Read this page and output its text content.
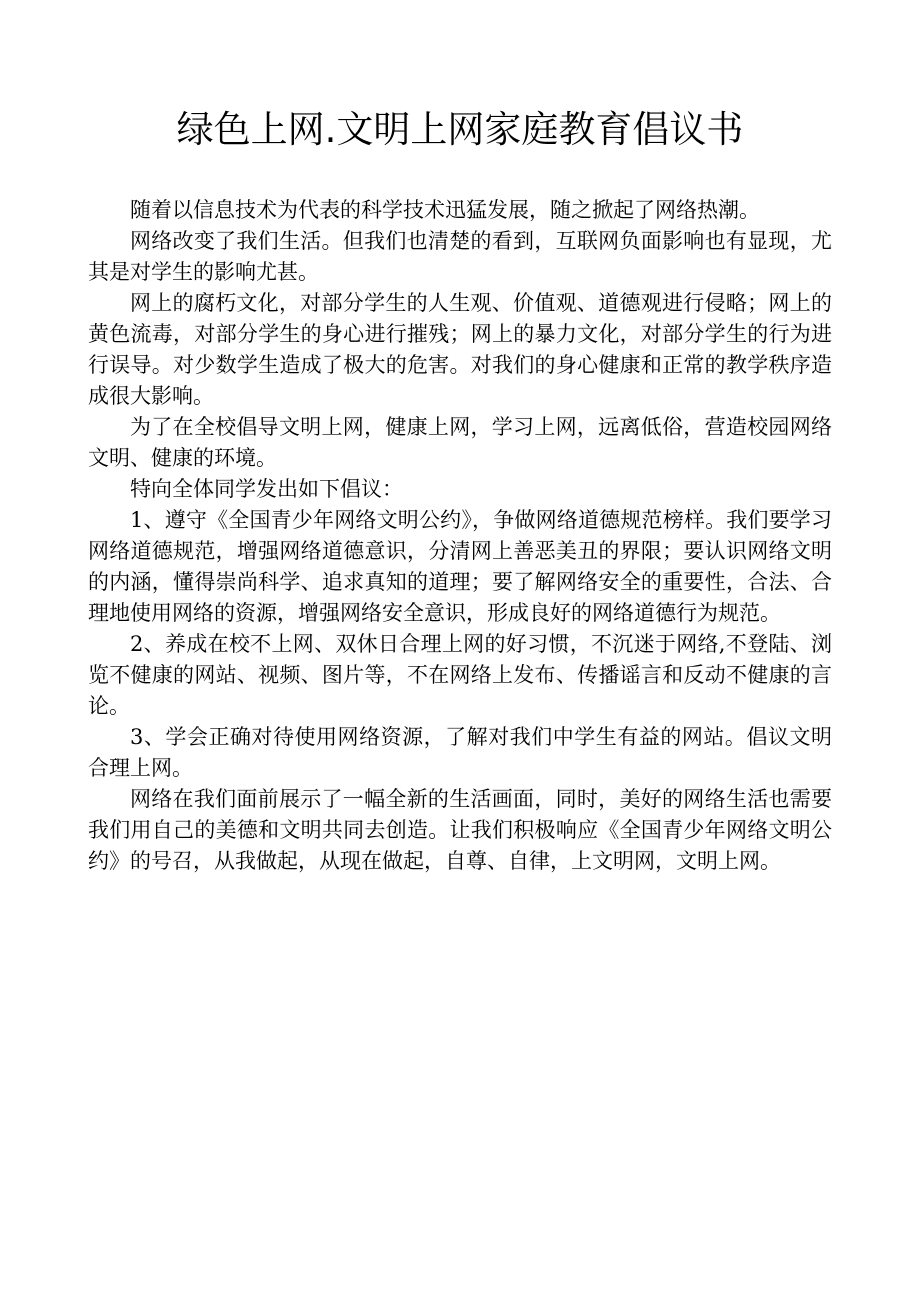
绿色上网.文明上网家庭教育倡议书

随着以信息技术为代表的科学技术迅猛发展，随之掀起了网络热潮。

网络改变了我们生活。但我们也清楚的看到，互联网负面影响也有显现，尤其是对学生的影响尤甚。

网上的腐朽文化，对部分学生的人生观、价值观、道德观进行侵略；网上的黄色流毒，对部分学生的身心进行摧残；网上的暴力文化，对部分学生的行为进行误导。对少数学生造成了极大的危害。对我们的身心健康和正常的教学秩序造成很大影响。

为了在全校倡导文明上网，健康上网，学习上网，远离低俗，营造校园网络文明、健康的环境。

特向全体同学发出如下倡议：

1、遵守《全国青少年网络文明公约》，争做网络道德规范榜样。我们要学习网络道德规范，增强网络道德意识，分清网上善恶美丑的界限；要认识网络文明的内涵，懂得崇尚科学、追求真知的道理；要了解网络安全的重要性，合法、合理地使用网络的资源，增强网络安全意识，形成良好的网络道德行为规范。

2、养成在校不上网、双休日合理上网的好习惯，不沉迷于网络,不登陆、浏览不健康的网站、视频、图片等，不在网络上发布、传播谣言和反动不健康的言论。

3、学会正确对待使用网络资源，了解对我们中学生有益的网站。倡议文明合理上网。

网络在我们面前展示了一幅全新的生活画面，同时，美好的网络生活也需要我们用自己的美德和文明共同去创造。让我们积极响应《全国青少年网络文明公约》的号召，从我做起，从现在做起，自尊、自律，上文明网，文明上网。
